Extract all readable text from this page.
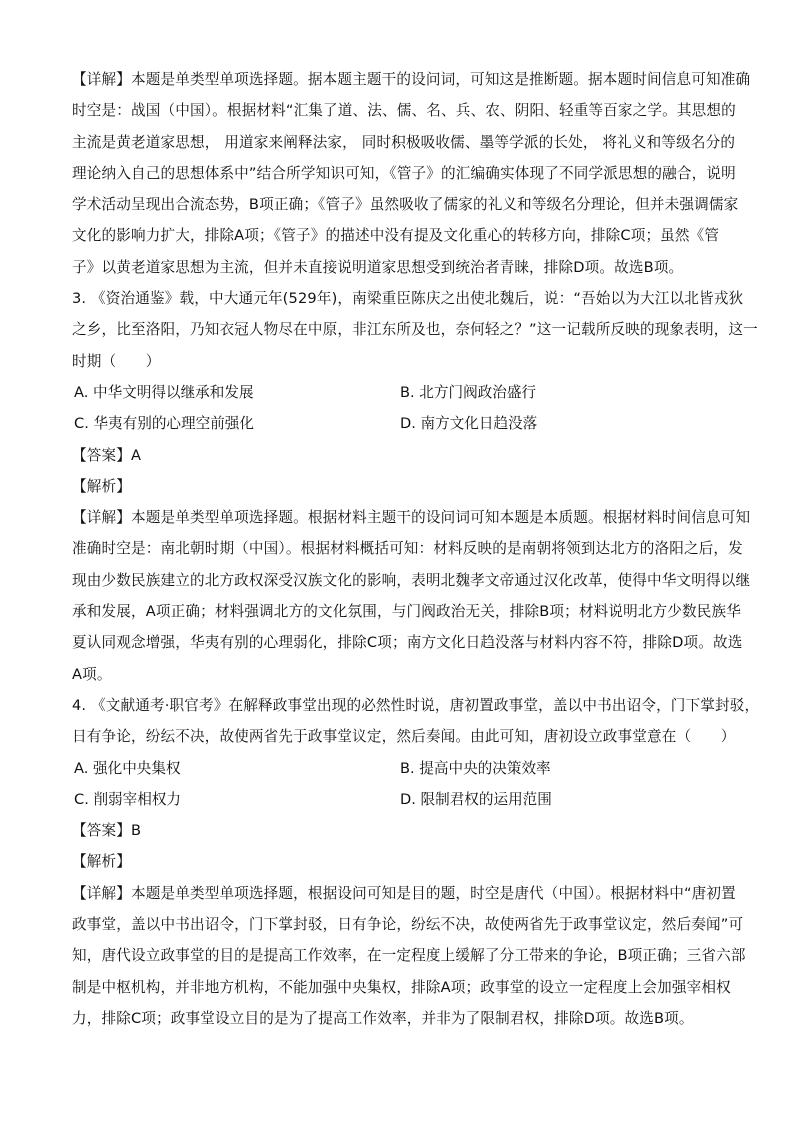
【详解】本题是单类型单项选择题。据本题主题干的设问词，可知这是推断题。据本题时间信息可知准确
时空是：战国（中国）。根据材料“汇集了道、法、儒、名、兵、农、阴阳、轻重等百家之学。其思想的
主流是黄老道家思想， 用道家来阐释法家， 同时积极吸收儒、墨等学派的长处， 将礼义和等级名分的
理论纳入自己的思想体系中”结合所学知识可知，《管子》的汇编确实体现了不同学派思想的融合，说明
学术活动呈现出合流态势，B项正确；《管子》虽然吸收了儒家的礼义和等级名分理论，但并未强调儒家
文化的影响力扩大，排除A项；《管子》的描述中没有提及文化重心的转移方向，排除C项；虽然《管
子》以黄老道家思想为主流，但并未直接说明道家思想受到统治者青睐，排除D项。故选B项。
3. 《资治通鉴》载，中大通元年(529年)，南梁重臣陈庆之出使北魏后，说：“吾始以为大江以北皆戎狄
之乡，比至洛阳，乃知衣冠人物尽在中原，非江东所及也，奈何轻之？”这一记载所反映的现象表明，这一
时期（　　）
A. 中华文明得以继承和发展	B. 北方门阀政治盛行
C. 华夷有别的心理空前强化	D. 南方文化日趋没落
【答案】A
【解析】
【详解】本题是单类型单项选择题。根据材料主题干的设问词可知本题是本质题。根据材料时间信息可知
准确时空是：南北朝时期（中国）。根据材料概括可知：材料反映的是南朝将领到达北方的洛阳之后，发
现由少数民族建立的北方政权深受汉族文化的影响，表明北魏孝文帝通过汉化改革，使得中华文明得以继
承和发展，A项正确；材料强调北方的文化氛围，与门阀政治无关，排除B项；材料说明北方少数民族华
夏认同观念增强，华夷有别的心理弱化，排除C项；南方文化日趋没落与材料内容不符，排除D项。故选
A项。
4. 《文献通考·职官考》在解释政事堂出现的必然性时说，唐初置政事堂，盖以中书出诏令，门下掌封驳，
日有争论，纷纭不决，故使两省先于政事堂议定，然后奏闻。由此可知，唐初设立政事堂意在（　　）
A. 强化中央集权	B. 提高中央的决策效率
C. 削弱宰相权力	D. 限制君权的运用范围
【答案】B
【解析】
【详解】本题是单类型单项选择题，根据设问可知是目的题，时空是唐代（中国）。根据材料中“唐初置
政事堂，盖以中书出诏令，门下掌封驳，日有争论，纷纭不决，故使两省先于政事堂议定，然后奏闻”可
知，唐代设立政事堂的目的是提高工作效率，在一定程度上缓解了分工带来的争论，B项正确；三省六部
制是中枢机构，并非地方机构，不能加强中央集权，排除A项；政事堂的设立一定程度上会加强宰相权
力，排除C项；政事堂设立目的是为了提高工作效率，并非为了限制君权，排除D项。故选B项。
